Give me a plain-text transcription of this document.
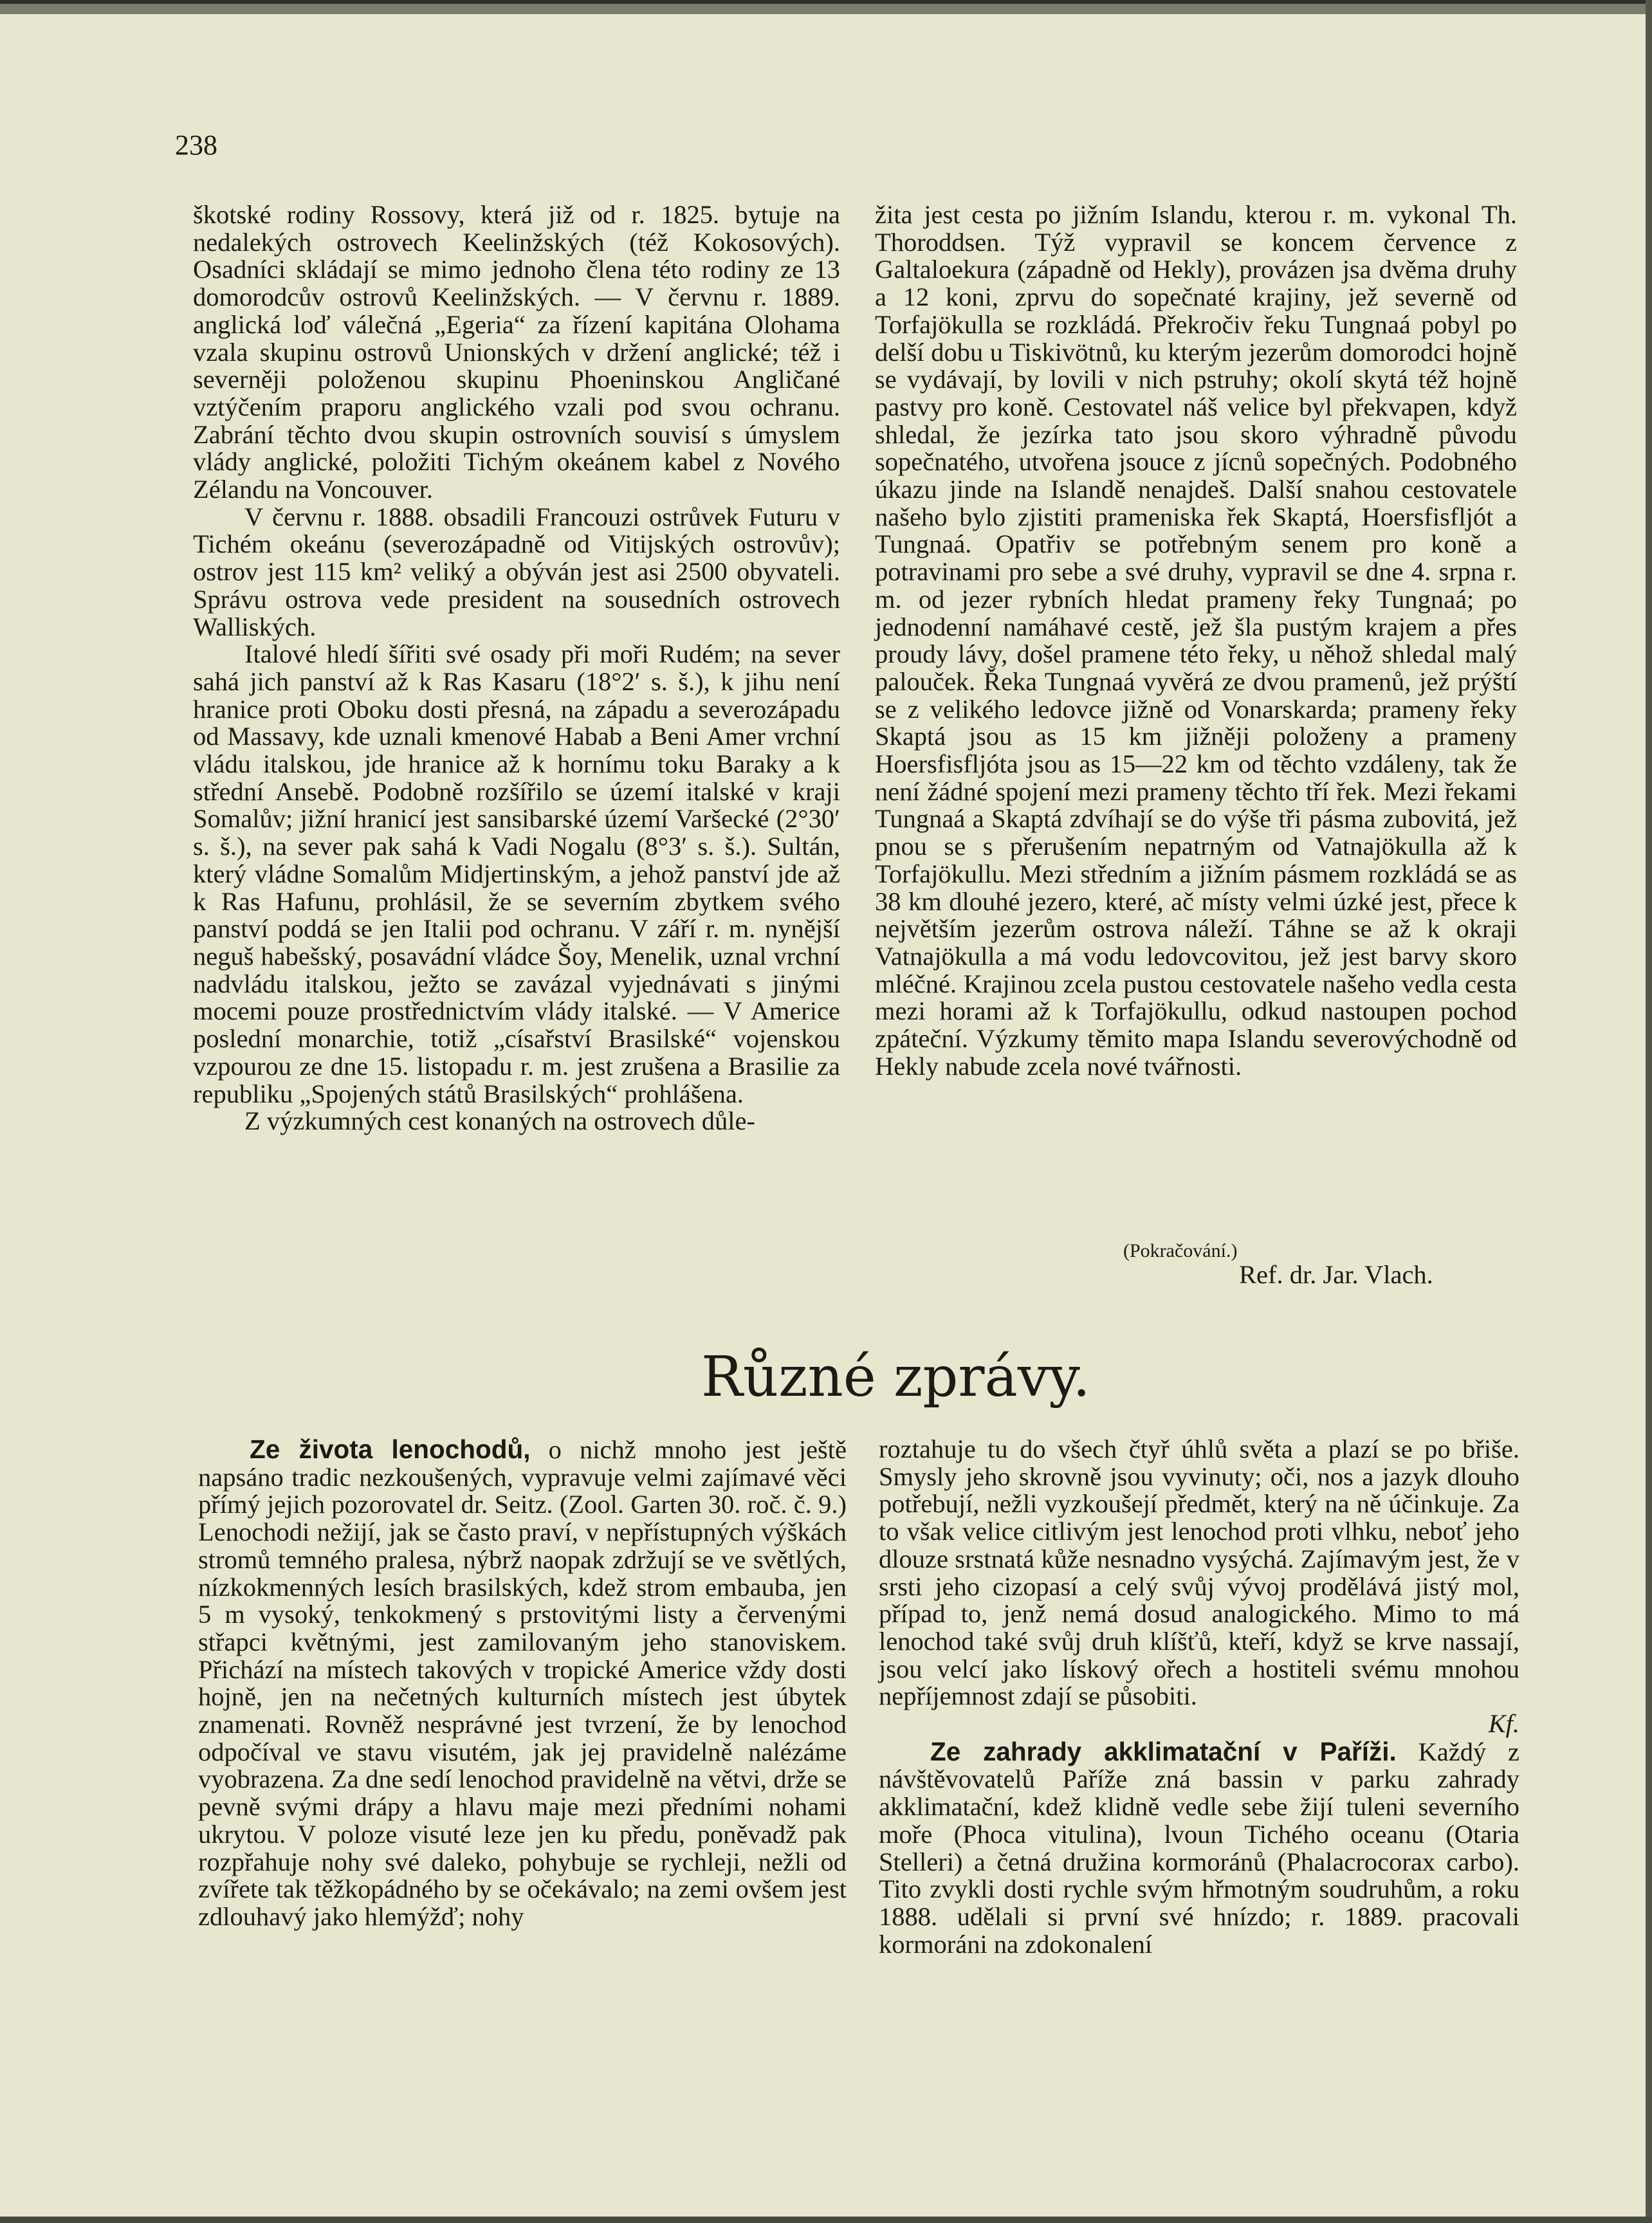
238

škotské rodiny Rossovy, která již od r. 1825. bytuje na nedalekých ostrovech Keelinžských (též Kokosových). Osadníci skládají se mimo jednoho člena této rodiny ze 13 domorodcův ostrovů Keelinžských. — V červnu r. 1889. anglická loď válečná „Egeria“ za řízení kapitána Olohama vzala skupinu ostrovů Unionských v držení anglické; též i severněji položenou skupinu Phoeninskou Angličané vztýčením praporu anglického vzali pod svou ochranu. Zabrání těchto dvou skupin ostrovních souvisí s úmyslem vlády anglické, položiti Tichým okeánem kabel z Nového Zélandu na Voncouver.

V červnu r. 1888. obsadili Francouzi ostrůvek Futuru v Tichém okeánu (severozápadně od Vitijských ostrovův); ostrov jest 115 km² veliký a obýván jest asi 2500 obyvateli. Správu ostrova vede president na sousedních ostrovech Walliských.

Italové hledí šířiti své osady při moři Rudém; na sever sahá jich panství až k Ras Kasaru (18°2′ s. š.), k jihu není hranice proti Oboku dosti přesná, na západu a severozápadu od Massavy, kde uznali kmenové Habab a Beni Amer vrchní vládu italskou, jde hranice až k hornímu toku Baraky a k střední Ansebě. Podobně rozšířilo se území italské v kraji Somalův; jižní hranicí jest sansibarské území Varšecké (2°30′ s. š.), na sever pak sahá k Vadi Nogalu (8°3′ s. š.). Sultán, který vládne Somalům Midjertinským, a jehož panství jde až k Ras Hafunu, prohlásil, že se severním zbytkem svého panství poddá se jen Italii pod ochranu. V září r. m. nynější neguš habešský, posavádní vládce Šoy, Menelik, uznal vrchní nadvládu italskou, ježto se zavázal vyjednávati s jinými mocemi pouze prostřednictvím vlády italské. — V Americe poslední monarchie, totiž „císařství Brasilské“ vojenskou vzpourou ze dne 15. listopadu r. m. jest zrušena a Brasilie za republiku „Spojených států Brasilských“ prohlášena.

Z výzkumných cest konaných na ostrovech důle-

žita jest cesta po jižním Islandu, kterou r. m. vykonal Th. Thoroddsen. Týž vypravil se koncem července z Galtaloekura (západně od Hekly), provázen jsa dvěma druhy a 12 koni, zprvu do sopečnaté krajiny, jež severně od Torfajökulla se rozkládá. Překročiv řeku Tungnaá pobyl po delší dobu u Tiskivötnů, ku kterým jezerům domorodci hojně se vydávají, by lovili v nich pstruhy; okolí skytá též hojně pastvy pro koně. Cestovatel náš velice byl překvapen, když shledal, že jezírka tato jsou skoro výhradně původu sopečnatého, utvořena jsouce z jícnů sopečných. Podobného úkazu jinde na Islandě nenajdeš. Další snahou cestovatele našeho bylo zjistiti prameniska řek Skaptá, Hoersfisfljót a Tungnaá. Opatřiv se potřebným senem pro koně a potravinami pro sebe a své druhy, vypravil se dne 4. srpna r. m. od jezer rybních hledat prameny řeky Tungnaá; po jednodenní namáhavé cestě, jež šla pustým krajem a přes proudy lávy, došel pramene této řeky, u něhož shledal malý palouček. Řeka Tungnaá vyvěrá ze dvou pramenů, jež prýští se z velikého ledovce jižně od Vonarskarda; prameny řeky Skaptá jsou as 15 km jižněji položeny a prameny Hoersfisfljóta jsou as 15—22 km od těchto vzdáleny, tak že není žádné spojení mezi prameny těchto tří řek. Mezi řekami Tungnaá a Skaptá zdvíhají se do výše tři pásma zubovitá, jež pnou se s přerušením nepatrným od Vatnajökulla až k Torfajökullu. Mezi středním a jižním pásmem rozkládá se as 38 km dlouhé jezero, které, ač místy velmi úzké jest, přece k největším jezerům ostrova náleží. Táhne se až k okraji Vatnajökulla a má vodu ledovcovitou, jež jest barvy skoro mléčné. Krajinou zcela pustou cestovatele našeho vedla cesta mezi horami až k Torfajökullu, odkud nastoupen pochod zpáteční. Výzkumy těmito mapa Islandu severovýchodně od Hekly nabude zcela nové tvářnosti.

(Pokračování.)
Ref. dr. Jar. Vlach.
Různé zprávy.

Ze života lenochodů, o nichž mnoho jest ještě napsáno tradic nezkoušených, vypravuje velmi zajímavé věci přímý jejich pozorovatel dr. Seitz. (Zool. Garten 30. roč. č. 9.) Lenochodi nežijí, jak se často praví, v nepřístupných výškách stromů temného pralesa, nýbrž naopak zdržují se ve světlých, nízkokmenných lesích brasilských, kdež strom embauba, jen 5 m vysoký, tenkokmený s prstovitými listy a červenými střapci květnými, jest zamilovaným jeho stanoviskem. Přichází na místech takových v tropické Americe vždy dosti hojně, jen na nečetných kulturních místech jest úbytek znamenati. Rovněž nesprávné jest tvrzení, že by lenochod odpočíval ve stavu visutém, jak jej pravidelně nalézáme vyobrazena. Za dne sedí lenochod pravidelně na větvi, drže se pevně svými drápy a hlavu maje mezi předními nohami ukrytou. V poloze visuté leze jen ku předu, poněvadž pak rozpřahuje nohy své daleko, pohybuje se rychleji, nežli od zvířete tak těžkopádného by se očekávalo; na zemi ovšem jest zdlouhavý jako hlemýžď; nohy

roztahuje tu do všech čtyř úhlů světa a plazí se po břiše. Smysly jeho skrovně jsou vyvinuty; oči, nos a jazyk dlouho potřebují, nežli vyzkoušejí předmět, který na ně účinkuje. Za to však velice citlivým jest lenochod proti vlhku, neboť jeho dlouze srstnatá kůže nesnadno vysýchá. Zajímavým jest, že v srsti jeho cizopasí a celý svůj vývoj prodělává jistý mol, případ to, jenž nemá dosud analogického. Mimo to má lenochod také svůj druh klíšťů, kteří, když se krve nassají, jsou velcí jako lískový ořech a hostiteli svému mnohou nepříjemnost zdají se působiti.

Kf.

Ze zahrady akklimatační v Paříži. Každý z návštěvovatelů Paříže zná bassin v parku zahrady akklimatační, kdež klidně vedle sebe žijí tuleni severního moře (Phoca vitulina), lvoun Tichého oceanu (Otaria Stelleri) a četná družina kormoránů (Phalacrocorax carbo). Tito zvykli dosti rychle svým hřmotným soudruhům, a roku 1888. udělali si první své hnízdo; r. 1889. pracovali kormoráni na zdokonalení
